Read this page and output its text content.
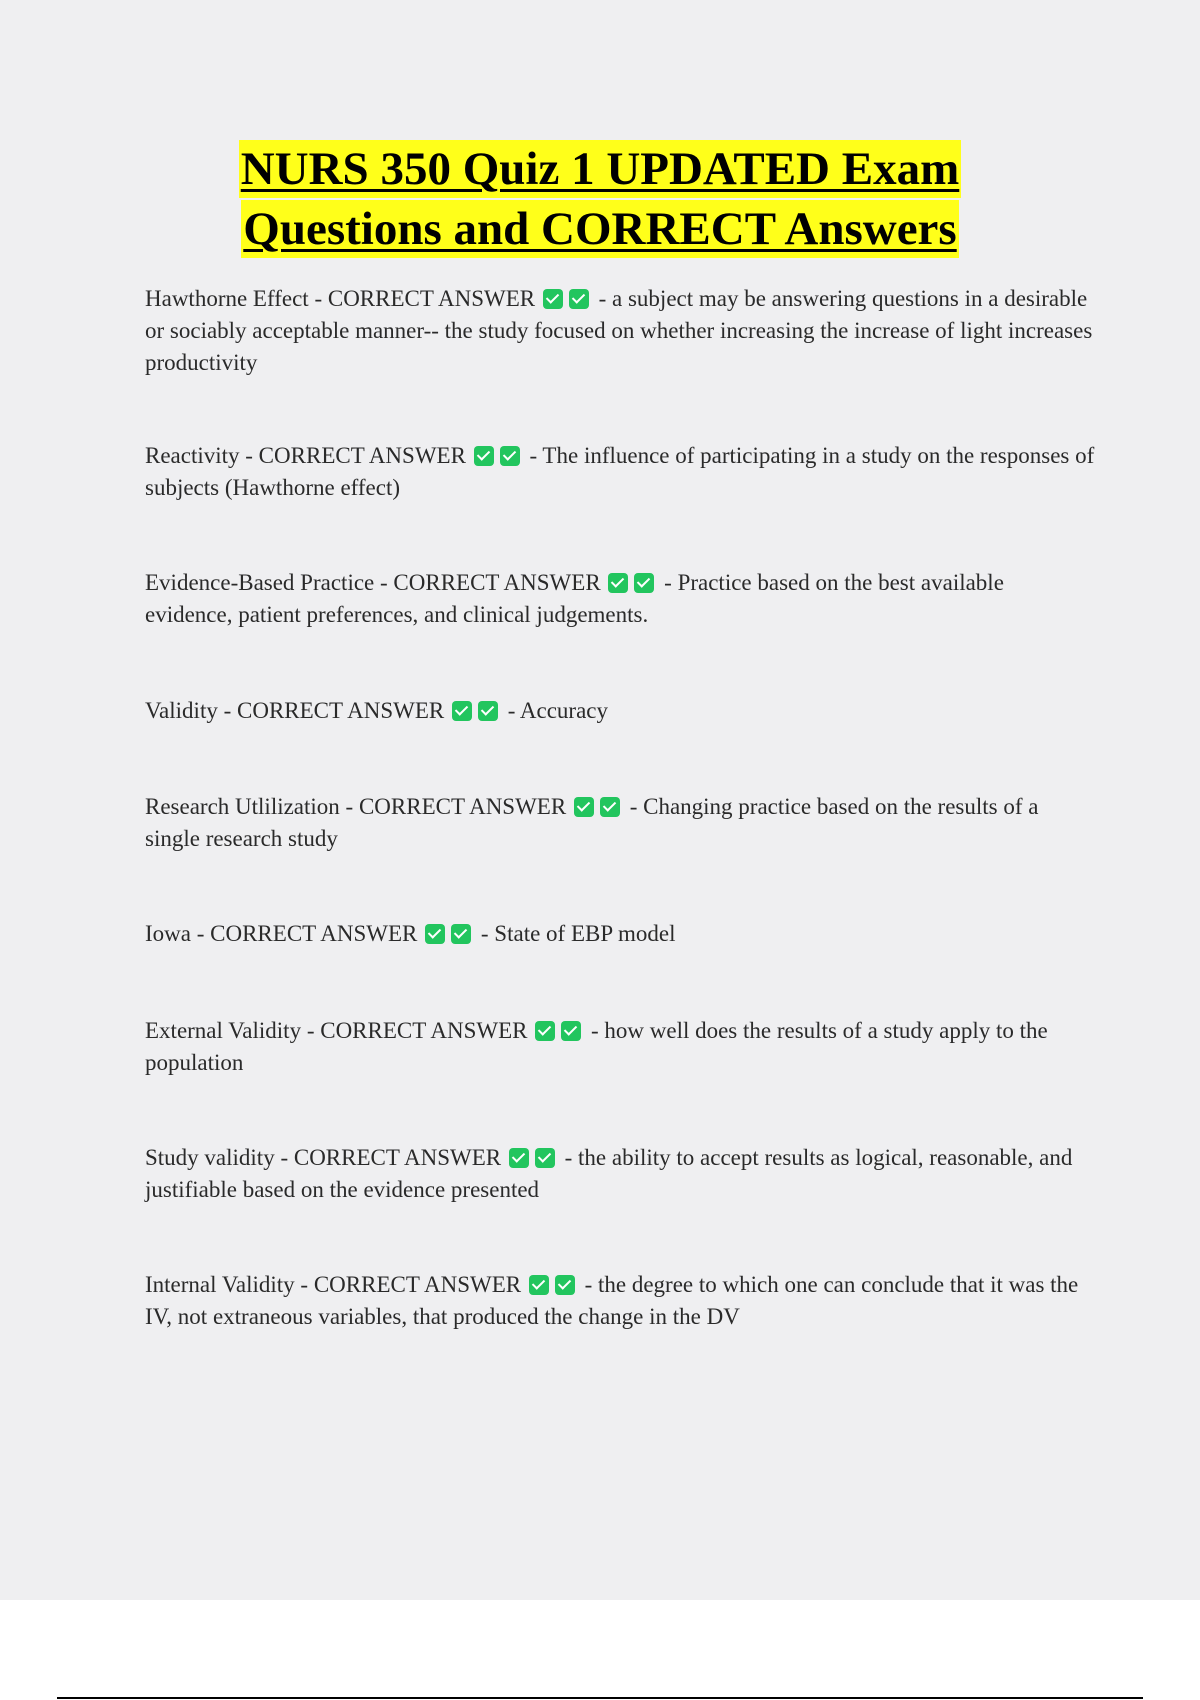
NURS 350 Quiz 1 UPDATED Exam
Questions and CORRECT Answers

Hawthorne Effect - CORRECT ANSWER	- a subject may be answering questions in a desirable or sociably acceptable manner-- the study focused on whether increasing the increase of light increases productivity

Reactivity - CORRECT ANSWER	- The influence of participating in a study on the responses of subjects (Hawthorne effect)

Evidence-Based Practice - CORRECT ANSWER	- Practice based on the best available evidence, patient preferences, and clinical judgements.

Validity - CORRECT ANSWER	- Accuracy

Research Utlilization - CORRECT ANSWER	- Changing practice based on the results of a single research study

Iowa - CORRECT ANSWER	- State of EBP model

External Validity - CORRECT ANSWER	- how well does the results of a study apply to the population

Study validity - CORRECT ANSWER	- the ability to accept results as logical, reasonable, and justifiable based on the evidence presented

Internal Validity - CORRECT ANSWER	- the degree to which one can conclude that it was the IV, not extraneous variables, that produced the change in the DV
